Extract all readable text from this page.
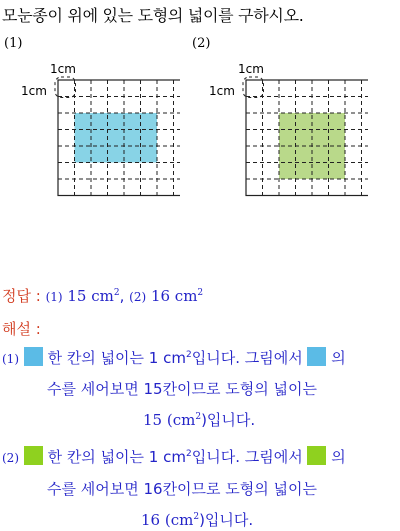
모눈종이 위에 있는 도형의 넓이를 구하시오.
(1)	(2)
1cm
1cm
1cm
1cm
정답 : (1) 15 $cm^2$, (2) 16 $cm^2$
해설 :
(1) 한 칸의 넓이는 1 $cm^2$입니다. 그림에서 의
수를 세어보면 15칸이므로 도형의 넓이는
15 $(cm^2)$입니다.
(2) 한 칸의 넓이는 1 $cm^2$입니다. 그림에서 의
수를 세어보면 16칸이므로 도형의 넓이는
16 $(cm^2)$입니다.
